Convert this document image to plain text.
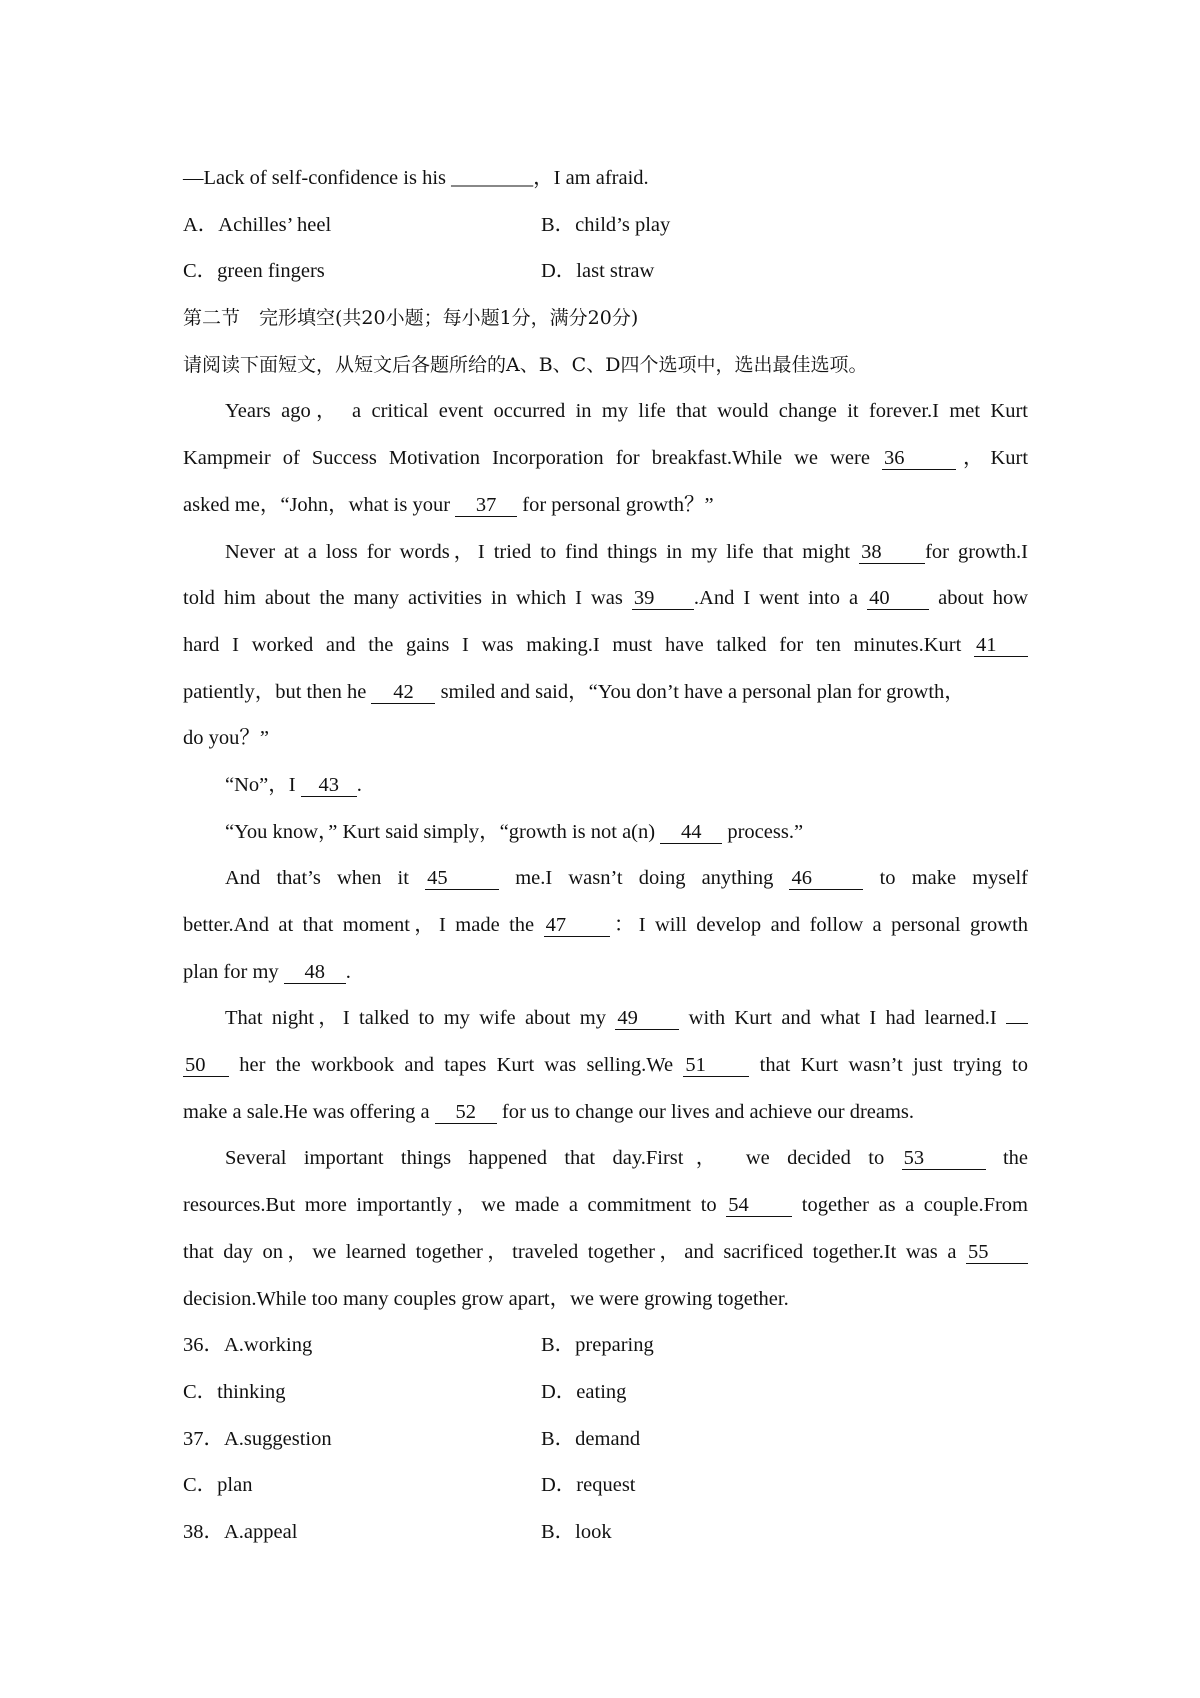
—Lack of self-confidence is his ________，I am afraid.
A．Achilles’ heel	B．child’s play
C．green fingers	D．last straw
第二节　完形填空(共20小题；每小题1分，满分20分)
请阅读下面短文，从短文后各题所给的A、B、C、D四个选项中，选出最佳选项。
Years ago， a critical event occurred in my life that would change it forever.I met Kurt
Kampmeir of Success Motivation Incorporation for breakfast.While we were 36	，Kurt
asked me，“John，what is your 37 for personal growth？”
Never at a loss for words，I tried to find things in my life that might 38 for growth.I
told him about the many activities in which I was 39 .And I went into a 40 about how
hard I worked and the gains I was making.I must have talked for ten minutes.Kurt 41
patiently，but then he 42 smiled and said，“You don’t have a personal plan for growth，
do you？”
“No”，I 43 .
“You know，” Kurt said simply，“growth is not a(n) 44 process.”
And that’s when it 45	me.I wasn’t doing anything 46	to make myself
better.And at that moment，I made the 47 ：I will develop and follow a personal growth
plan for my 48 .
That night，I talked to my wife about my 49 with Kurt and what I had learned.I
50 her the workbook and tapes Kurt was selling.We 51	that Kurt wasn’t just trying to
make a sale.He was offering a 52 for us to change our lives and achieve our dreams.
Several important things happened that day.First， we decided to 53	the
resources.But more importantly，we made a commitment to 54	together as a couple.From
that day on，we learned together，traveled together，and sacrificed together.It was a 55
decision.While too many couples grow apart，we were growing together.
36．A.working	B．preparing
C．thinking	D．eating
37．A.suggestion	B．demand
C．plan	D．request
38．A.appeal	B．look
